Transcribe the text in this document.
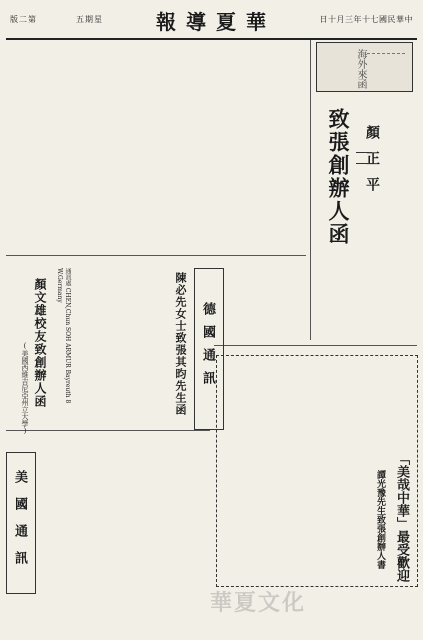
版二第	五期星	報導夏華	日十月三年十七國民華中
海外來函
致張創辦人函 顏正平
德國通訊
陳必先女士致張其昀先生函
美國通訊
顏文雄校友致創辦人函	通訊處 CHEN,Chun SOH ARMUR Bayreuth 8 W.Germany
(美國西維吉尼亞州立大學)
「美哉中華」最受歡迎
譚光豫先生致張創辦人書
華夏文化
